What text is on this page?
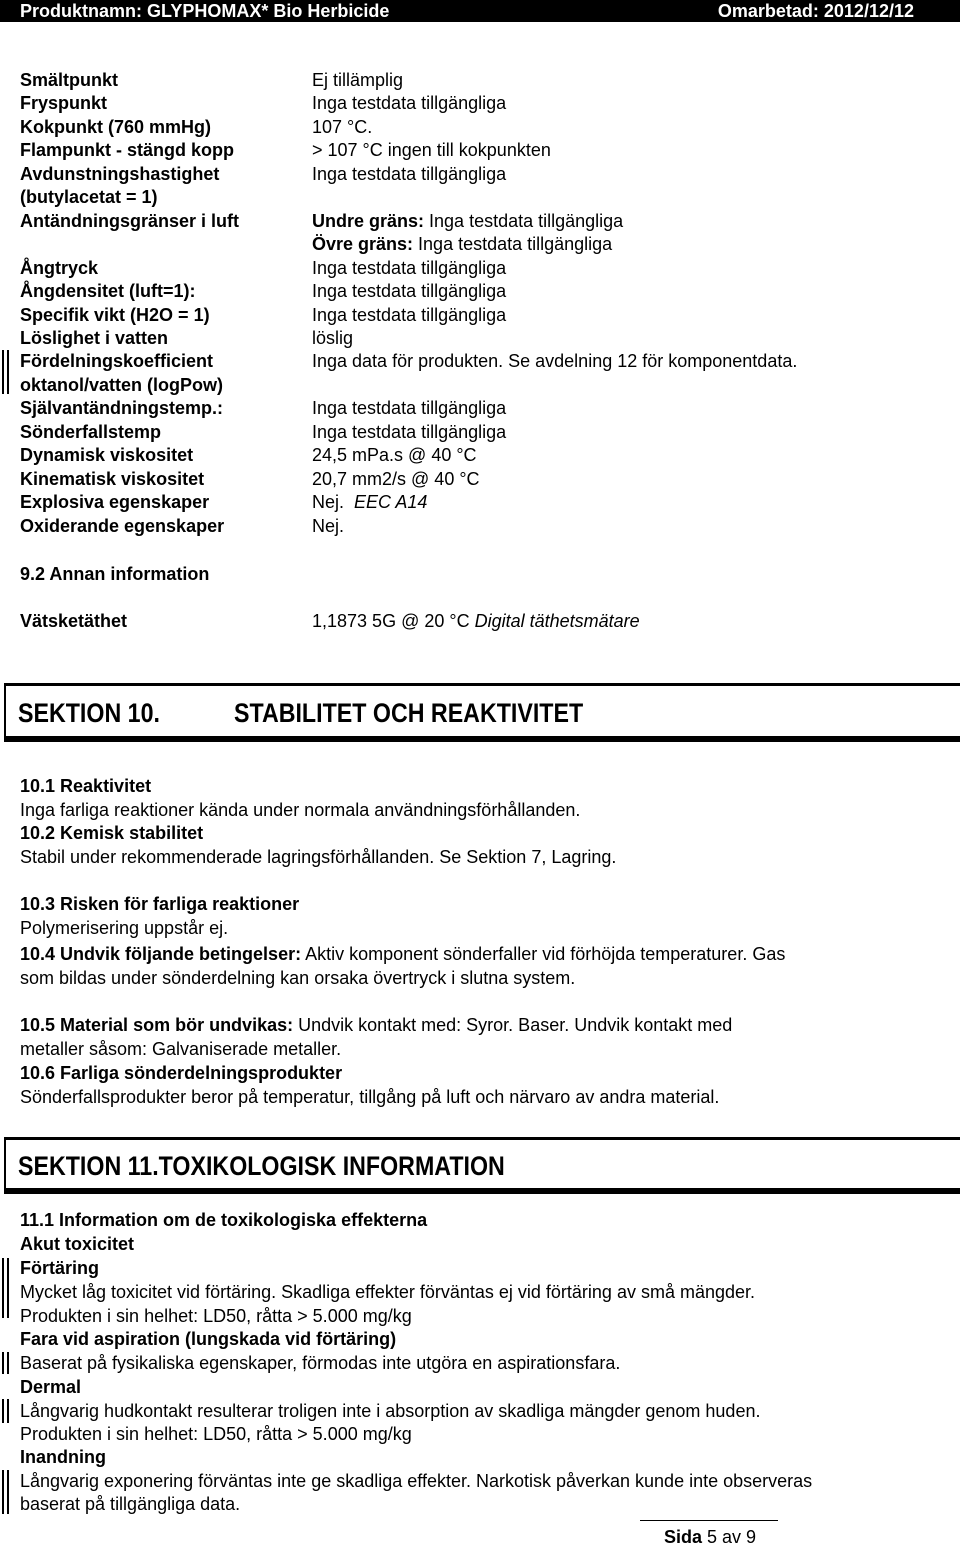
Produktnamn: GLYPHOMAX* Bio Herbicide	Omarbetad: 2012/12/12
Smältpunkt	Ej tillämplig
Fryspunkt	Inga testdata tillgängliga
Kokpunkt (760 mmHg)	107 °C.
Flampunkt - stängd kopp	> 107 °C ingen till kokpunkten
Avdunstningshastighet	Inga testdata tillgängliga
(butylacetat = 1)
Antändningsgränser i luft	Undre gräns: Inga testdata tillgängliga
Övre gräns: Inga testdata tillgängliga
Ångtryck	Inga testdata tillgängliga
Ångdensitet (luft=1):	Inga testdata tillgängliga
Specifik vikt (H2O = 1)	Inga testdata tillgängliga
Löslighet i vatten	löslig
Fördelningskoefficient	Inga data för produkten. Se avdelning 12 för komponentdata.
oktanol/vatten (logPow)
Självantändningstemp.:	Inga testdata tillgängliga
Sönderfallstemp	Inga testdata tillgängliga
Dynamisk viskositet	24,5 mPa.s @ 40 °C
Kinematisk viskositet	20,7 mm2/s @ 40 °C
Explosiva egenskaper	Nej. EEC A14
Oxiderande egenskaper	Nej.
9.2 Annan information
Vätsketäthet	1,1873 5G @ 20 °C Digital täthetsmätare
SEKTION 10.	STABILITET OCH REAKTIVITET
10.1 Reaktivitet
Inga farliga reaktioner kända under normala användningsförhållanden.
10.2 Kemisk stabilitet
Stabil under rekommenderade lagringsförhållanden. Se Sektion 7, Lagring.
10.3 Risken för farliga reaktioner
Polymerisering uppstår ej.
10.4 Undvik följande betingelser: Aktiv komponent sönderfaller vid förhöjda temperaturer. Gas
som bildas under sönderdelning kan orsaka övertryck i slutna system.
10.5 Material som bör undvikas: Undvik kontakt med: Syror. Baser. Undvik kontakt med
metaller såsom: Galvaniserade metaller.
10.6 Farliga sönderdelningsprodukter
Sönderfallsprodukter beror på temperatur, tillgång på luft och närvaro av andra material.
SEKTION 11.TOXIKOLOGISK INFORMATION
11.1 Information om de toxikologiska effekterna
Akut toxicitet
Förtäring
Mycket låg toxicitet vid förtäring. Skadliga effekter förväntas ej vid förtäring av små mängder.
Produkten i sin helhet: LD50, råtta > 5.000 mg/kg
Fara vid aspiration (lungskada vid förtäring)
Baserat på fysikaliska egenskaper, förmodas inte utgöra en aspirationsfara.
Dermal
Långvarig hudkontakt resulterar troligen inte i absorption av skadliga mängder genom huden.
Produkten i sin helhet: LD50, råtta > 5.000 mg/kg
Inandning
Långvarig exponering förväntas inte ge skadliga effekter. Narkotisk påverkan kunde inte observeras
baserat på tillgängliga data.
Sida 5 av 9
